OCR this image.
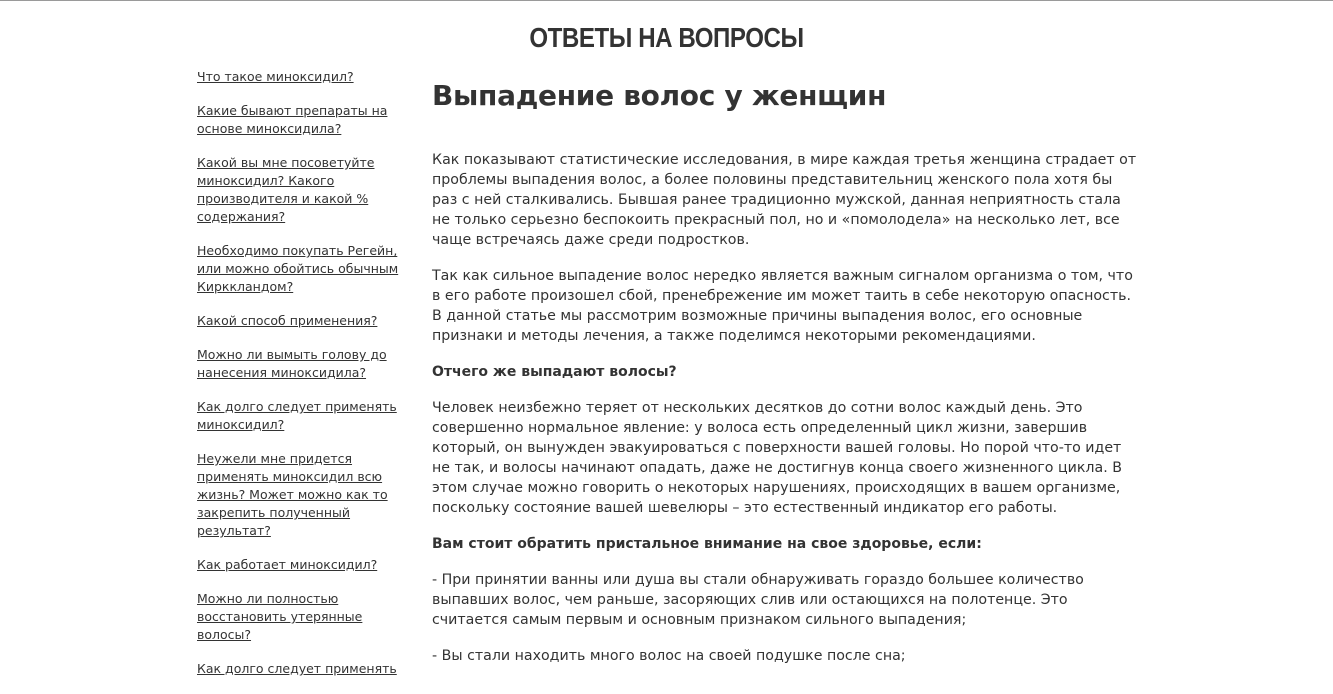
ОТВЕТЫ НА ВОПРОСЫ
Что такое миноксидил?
Какие бывают препараты на основе миноксидила?
Какой вы мне посоветуйте миноксидил? Какого производителя и какой % содержания?
Необходимо покупать Регейн, или можно обойтись обычным Кирккландом?
Какой способ применения?
Можно ли вымыть голову до нанесения миноксидила?
Как долго следует применять миноксидил?
Неужели мне придется применять миноксидил всю жизнь? Может можно как то закрепить полученный результат?
Как работает миноксидил?
Можно ли полностью восстановить утерянные волосы?
Как долго следует применять
Выпадение волос у женщин

Как показывают статистические исследования, в мире каждая третья женщина страдает от проблемы выпадения волос, а более половины представительниц женского пола хотя бы раз с ней сталкивались. Бывшая ранее традиционно мужской, данная неприятность стала не только серьезно беспокоить прекрасный пол, но и «помолодела» на несколько лет, все чаще встречаясь даже среди подростков.

Так как сильное выпадение волос нередко является важным сигналом организма о том, что в его работе произошел сбой, пренебрежение им может таить в себе некоторую опасность. В данной статье мы рассмотрим возможные причины выпадения волос, его основные признаки и методы лечения, а также поделимся некоторыми рекомендациями.

Отчего же выпадают волосы?

Человек неизбежно теряет от нескольких десятков до сотни волос каждый день. Это совершенно нормальное явление: у волоса есть определенный цикл жизни, завершив который, он вынужден эвакуироваться с поверхности вашей головы. Но порой что-то идет не так, и волосы начинают опадать, даже не достигнув конца своего жизненного цикла. В этом случае можно говорить о некоторых нарушениях, происходящих в вашем организме, поскольку состояние вашей шевелюры – это естественный индикатор его работы.

Вам стоит обратить пристальное внимание на свое здоровье, если:

- При принятии ванны или душа вы стали обнаруживать гораздо большее количество выпавших волос, чем раньше, засоряющих слив или остающихся на полотенце. Это считается самым первым и основным признаком сильного выпадения;

- Вы стали находить много волос на своей подушке после сна;
